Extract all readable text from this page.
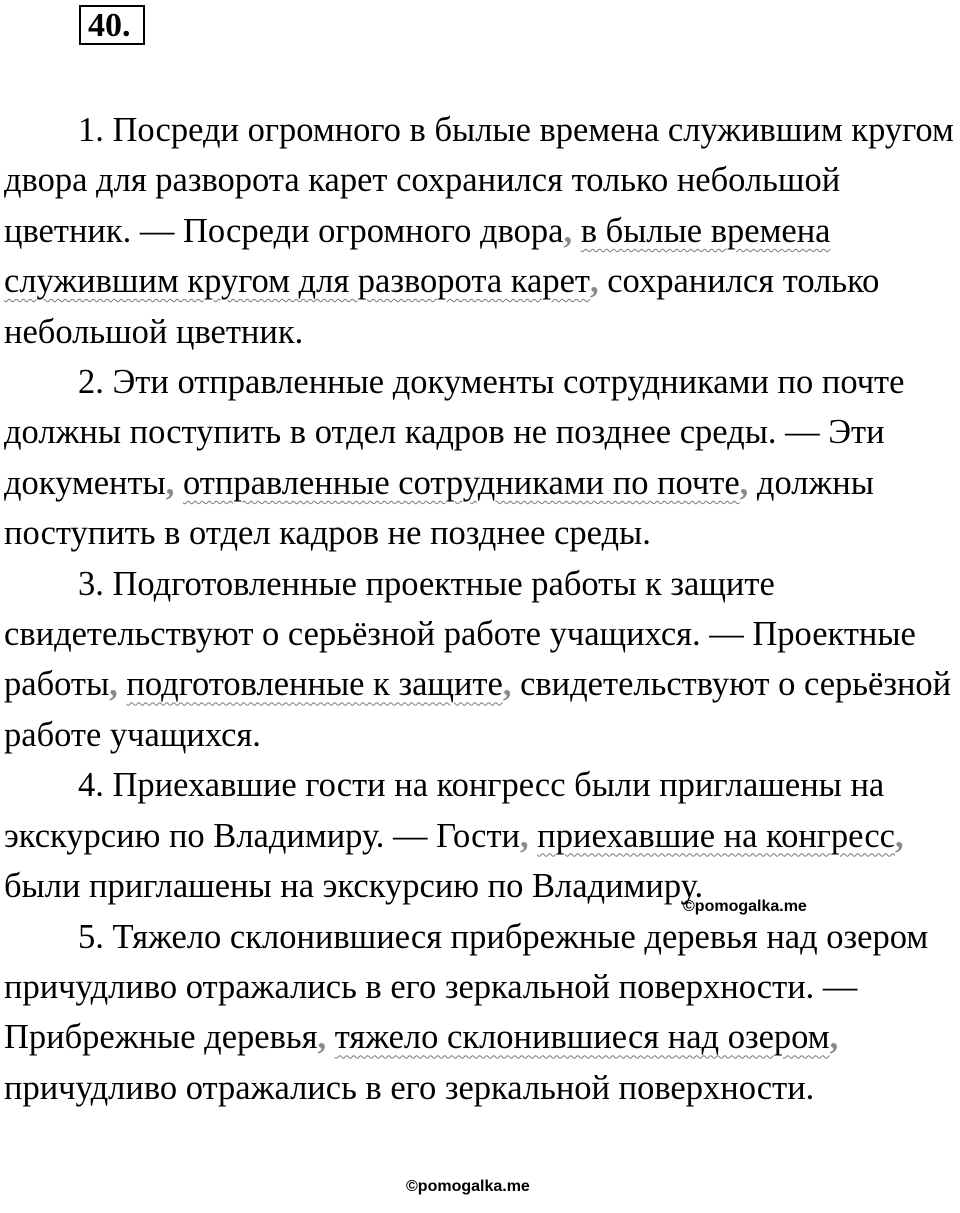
40.

1. Посреди огромного в былые времена служившим кругом двора для разворота карет сохранился только небольшой цветник. — Посреди огромного двора, в былые времена служившим кругом для разворота карет, сохранился только небольшой цветник.

2. Эти отправленные документы сотрудниками по почте должны поступить в отдел кадров не позднее среды. — Эти документы, отправленные сотрудниками по почте, должны поступить в отдел кадров не позднее среды.

3. Подготовленные проектные работы к защите свидетельствуют о серьёзной работе учащихся. — Проектные работы, подготовленные к защите, свидетельствуют о серьёзной работе учащихся.

4. Приехавшие гости на конгресс были приглашены на экскурсию по Владимиру. — Гости, приехавшие на конгресс, были приглашены на экскурсию по Владимиру.

5. Тяжело склонившиеся прибрежные деревья над озером причудливо отражались в его зеркальной поверхности. — Прибрежные деревья, тяжело склонившиеся над озером, причудливо отражались в его зеркальной поверхности.

©pomogalka.me
©pomogalka.me
